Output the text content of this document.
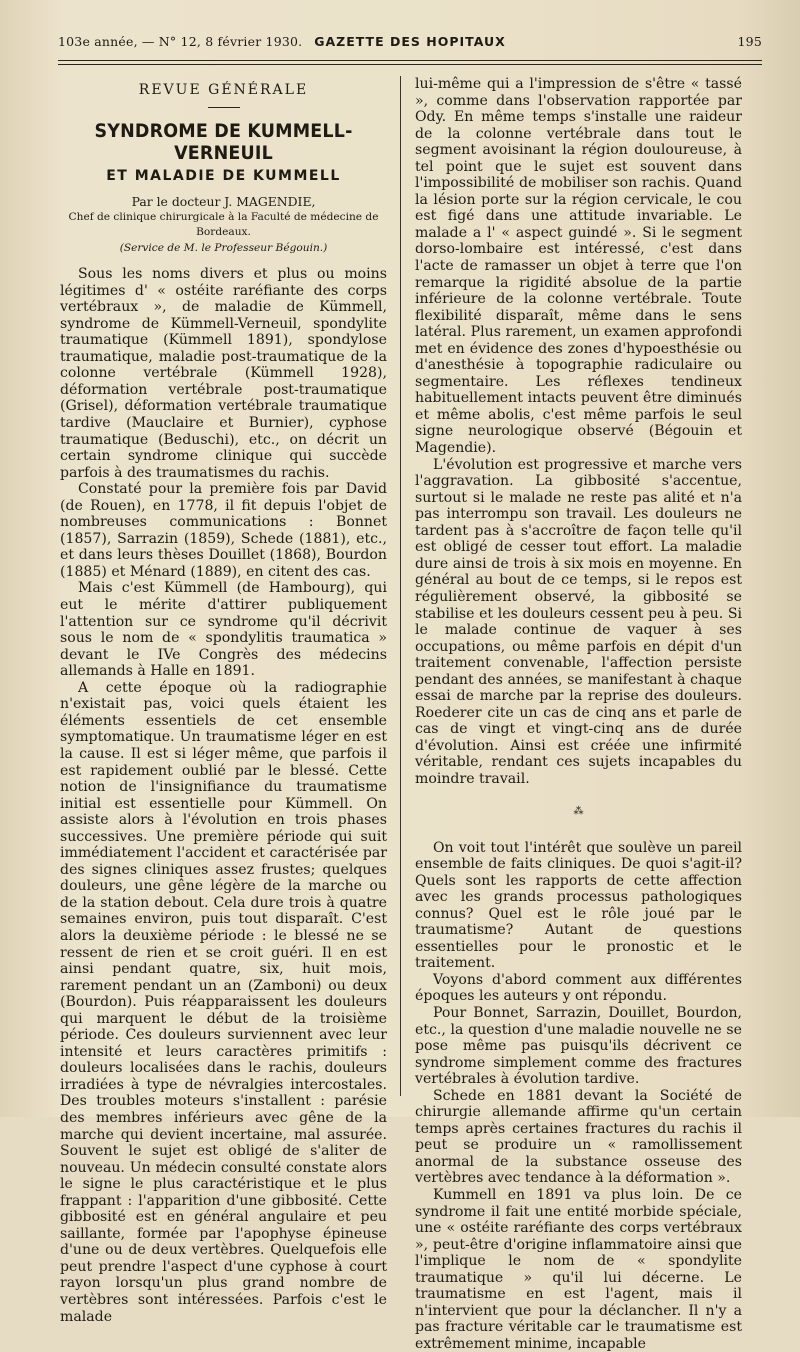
103e année, — N° 12, 8 février 1930. GAZETTE DES HOPITAUX	195

REVUE GÉNÉRALE

SYNDROME DE KUMMELL-VERNEUIL

ET MALADIE DE KUMMELL

Par le docteur J. MAGENDIE,

Chef de clinique chirurgicale à la Faculté de médecine de Bordeaux.

(Service de M. le Professeur Bégouin.)

Sous les noms divers et plus ou moins légitimes d' « ostéite raréfiante des corps vertébraux », de maladie de Kümmell, syndrome de Kümmell-Verneuil, spondylite traumatique (Kümmell 1891), spondylose traumatique, maladie post-traumatique de la colonne vertébrale (Kümmell 1928), déformation vertébrale post-traumatique (Grisel), déformation vertébrale traumatique tardive (Mauclaire et Burnier), cyphose traumatique (Beduschi), etc., on décrit un certain syndrome clinique qui succède parfois à des traumatismes du rachis.

Constaté pour la première fois par David (de Rouen), en 1778, il fit depuis l'objet de nombreuses communications : Bonnet (1857), Sarrazin (1859), Schede (1881), etc., et dans leurs thèses Douillet (1868), Bourdon (1885) et Ménard (1889), en citent des cas.

Mais c'est Kümmell (de Hambourg), qui eut le mérite d'attirer publiquement l'attention sur ce syndrome qu'il décrivit sous le nom de « spondylitis traumatica » devant le IVe Congrès des médecins allemands à Halle en 1891.

A cette époque où la radiographie n'existait pas, voici quels étaient les éléments essentiels de cet ensemble symptomatique. Un traumatisme léger en est la cause. Il est si léger même, que parfois il est rapidement oublié par le blessé. Cette notion de l'insignifiance du traumatisme initial est essentielle pour Kümmell. On assiste alors à l'évolution en trois phases successives. Une première période qui suit immédiatement l'accident et caractérisée par des signes cliniques assez frustes; quelques douleurs, une gêne légère de la marche ou de la station debout. Cela dure trois à quatre semaines environ, puis tout disparaît. C'est alors la deuxième période : le blessé ne se ressent de rien et se croit guéri. Il en est ainsi pendant quatre, six, huit mois, rarement pendant un an (Zamboni) ou deux (Bourdon). Puis réapparaissent les douleurs qui marquent le début de la troisième période. Ces douleurs surviennent avec leur intensité et leurs caractères primitifs : douleurs localisées dans le rachis, douleurs irradiées à type de névralgies intercostales. Des troubles moteurs s'installent : parésie des membres inférieurs avec gêne de la marche qui devient incertaine, mal assurée. Souvent le sujet est obligé de s'aliter de nouveau. Un médecin consulté constate alors le signe le plus caractéristique et le plus frappant : l'apparition d'une gibbosité. Cette gibbosité est en général angulaire et peu saillante, formée par l'apophyse épineuse d'une ou de deux vertèbres. Quelquefois elle peut prendre l'aspect d'une cyphose à court rayon lorsqu'un plus grand nombre de vertèbres sont intéressées. Parfois c'est le malade

lui-même qui a l'impression de s'être « tassé », comme dans l'observation rapportée par Ody. En même temps s'installe une raideur de la colonne vertébrale dans tout le segment avoisinant la région douloureuse, à tel point que le sujet est souvent dans l'impossibilité de mobiliser son rachis. Quand la lésion porte sur la région cervicale, le cou est figé dans une attitude invariable. Le malade a l' « aspect guindé ». Si le segment dorso-lombaire est intéressé, c'est dans l'acte de ramasser un objet à terre que l'on remarque la rigidité absolue de la partie inférieure de la colonne vertébrale. Toute flexibilité disparaît, même dans le sens latéral. Plus rarement, un examen approfondi met en évidence des zones d'hypoesthésie ou d'anesthésie à topographie radiculaire ou segmentaire. Les réflexes tendineux habituellement intacts peuvent être diminués et même abolis, c'est même parfois le seul signe neurologique observé (Bégouin et Magendie).

L'évolution est progressive et marche vers l'aggravation. La gibbosité s'accentue, surtout si le malade ne reste pas alité et n'a pas interrompu son travail. Les douleurs ne tardent pas à s'accroître de façon telle qu'il est obligé de cesser tout effort. La maladie dure ainsi de trois à six mois en moyenne. En général au bout de ce temps, si le repos est régulièrement observé, la gibbosité se stabilise et les douleurs cessent peu à peu. Si le malade continue de vaquer à ses occupations, ou même parfois en dépit d'un traitement convenable, l'affection persiste pendant des années, se manifestant à chaque essai de marche par la reprise des douleurs. Roederer cite un cas de cinq ans et parle de cas de vingt et vingt-cinq ans de durée d'évolution. Ainsi est créée une infirmité véritable, rendant ces sujets incapables du moindre travail.

⁂

On voit tout l'intérêt que soulève un pareil ensemble de faits cliniques. De quoi s'agit-il? Quels sont les rapports de cette affection avec les grands processus pathologiques connus? Quel est le rôle joué par le traumatisme? Autant de questions essentielles pour le pronostic et le traitement.

Voyons d'abord comment aux différentes époques les auteurs y ont répondu.

Pour Bonnet, Sarrazin, Douillet, Bourdon, etc., la question d'une maladie nouvelle ne se pose même pas puisqu'ils décrivent ce syndrome simplement comme des fractures vertébrales à évolution tardive.

Schede en 1881 devant la Société de chirurgie allemande affirme qu'un certain temps après certaines fractures du rachis il peut se produire un « ramollissement anormal de la substance osseuse des vertèbres avec tendance à la déformation ».

Kummell en 1891 va plus loin. De ce syndrome il fait une entité morbide spéciale, une « ostéite raréfiante des corps vertébraux », peut-être d'origine inflammatoire ainsi que l'implique le nom de « spondylite traumatique » qu'il lui décerne. Le traumatisme en est l'agent, mais il n'intervient que pour la déclancher. Il n'y a pas fracture véritable car le traumatisme est extrêmement minime, incapable
